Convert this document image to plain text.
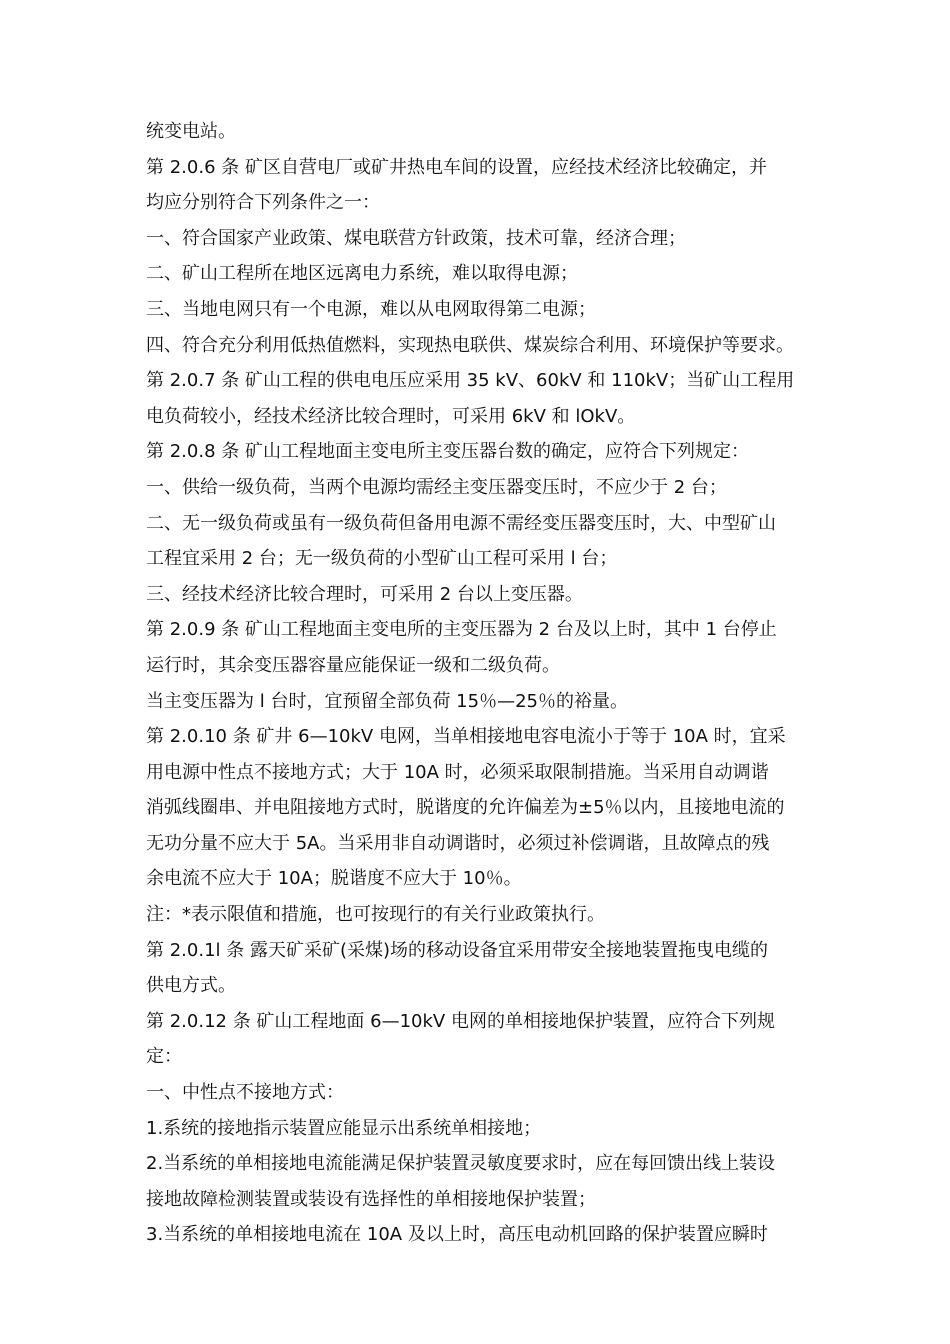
统变电站。
第 2.0.6 条 矿区自营电厂或矿井热电车间的设置，应经技术经济比较确定，并
均应分别符合下列条件之一：
一、符合国家产业政策、煤电联营方针政策，技术可靠，经济合理；
二、矿山工程所在地区远离电力系统，难以取得电源；
三、当地电网只有一个电源，难以从电网取得第二电源；
四、符合充分利用低热值燃料，实现热电联供、煤炭综合利用、环境保护等要求。
第 2.0.7 条 矿山工程的供电电压应采用 35 kV、60kV 和 110kV；当矿山工程用
电负荷较小，经技术经济比较合理时，可采用 6kV 和 lOkV。
第 2.0.8 条 矿山工程地面主变电所主变压器台数的确定，应符合下列规定：
一、供给一级负荷，当两个电源均需经主变压器变压时，不应少于 2 台；
二、无一级负荷或虽有一级负荷但备用电源不需经变压器变压时，大、中型矿山
工程宜采用 2 台；无一级负荷的小型矿山工程可采用 l 台；
三、经技术经济比较合理时，可采用 2 台以上变压器。
第 2.0.9 条 矿山工程地面主变电所的主变压器为 2 台及以上时，其中 1 台停止
运行时，其余变压器容量应能保证一级和二级负荷。
当主变压器为 l 台时，宜预留全部负荷 15％—25％的裕量。
第 2.0.10 条 矿井 6—10kV 电网，当单相接地电容电流小于等于 10A 时，宜采
用电源中性点不接地方式；大于 10A 时，必须采取限制措施。当采用自动调谐
消弧线圈串、并电阻接地方式时，脱谐度的允许偏差为±5％以内，且接地电流的
无功分量不应大于 5A。当采用非自动调谐时，必须过补偿调谐，且故障点的残
余电流不应大于 10A；脱谐度不应大于 10％。
注：*表示限值和措施，也可按现行的有关行业政策执行。
第 2.0.1l 条 露天矿采矿(采煤)场的移动设备宜采用带安全接地装置拖曳电缆的
供电方式。
第 2.0.12 条 矿山工程地面 6—10kV 电网的单相接地保护装置，应符合下列规
定：
一、中性点不接地方式：
1.系统的接地指示装置应能显示出系统单相接地；
2.当系统的单相接地电流能满足保护装置灵敏度要求时，应在每回馈出线上装设
接地故障检测装置或装设有选择性的单相接地保护装置；
3.当系统的单相接地电流在 10A 及以上时，高压电动机回路的保护装置应瞬时
